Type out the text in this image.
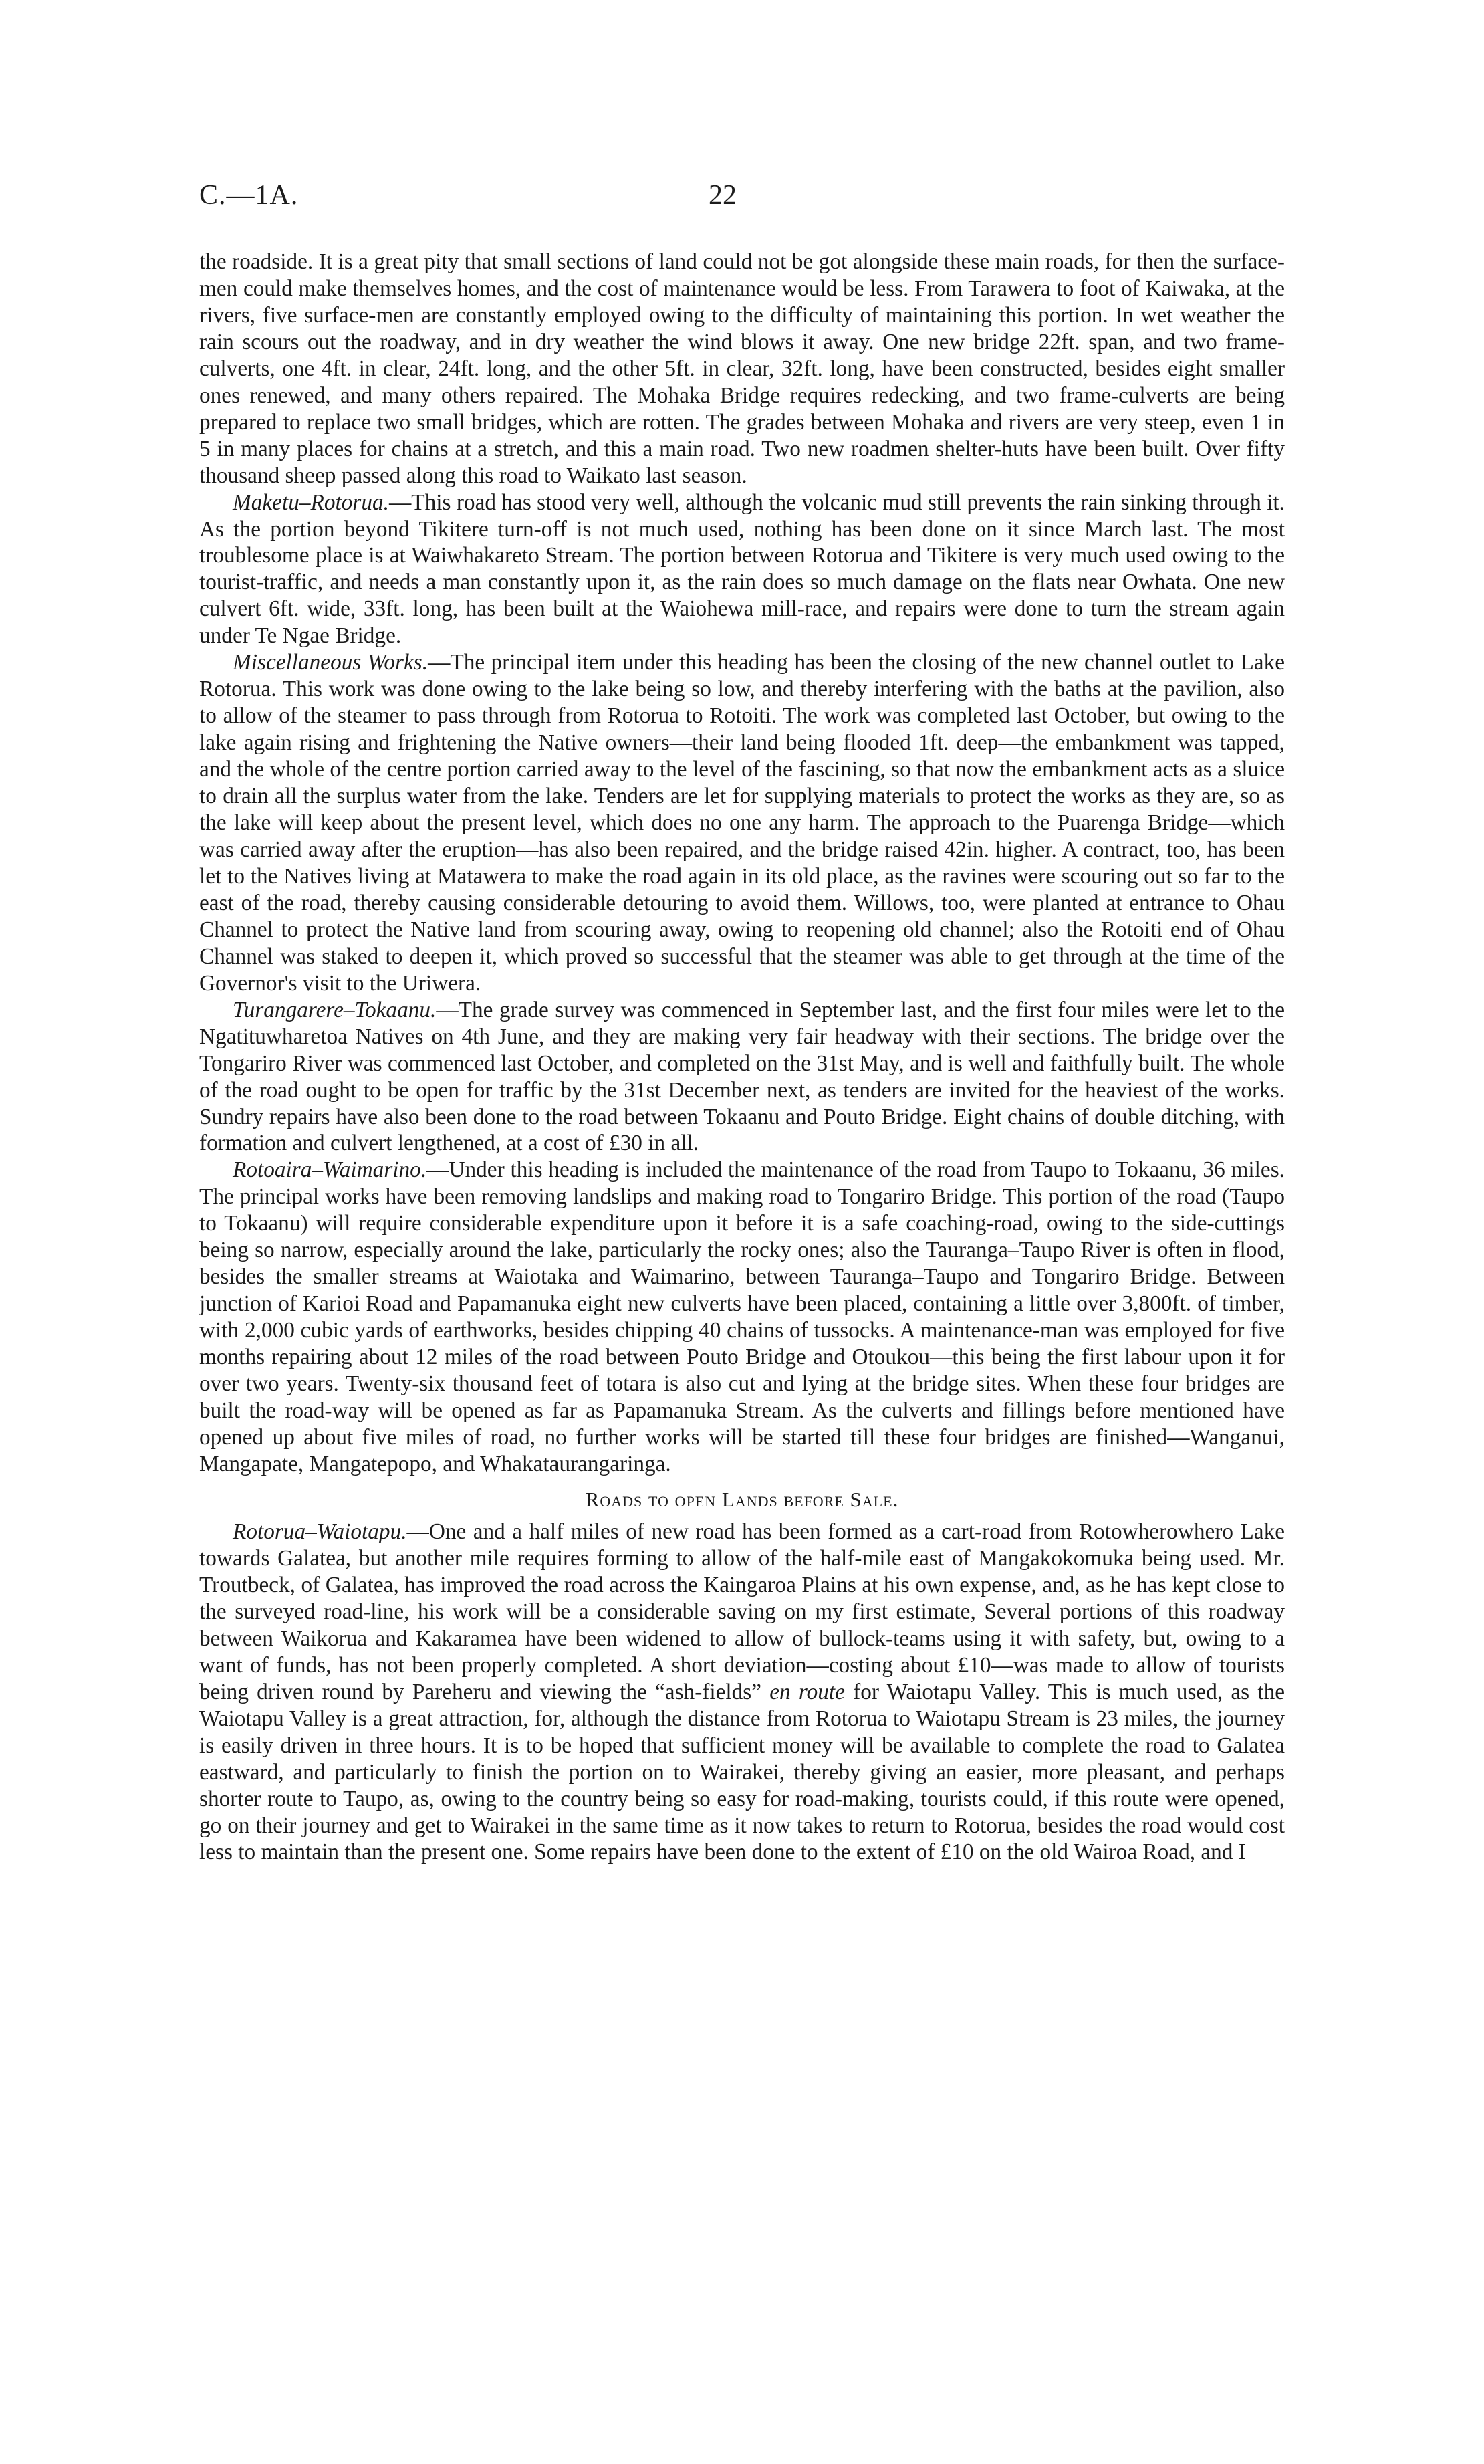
C.—1A.	22

the roadside. It is a great pity that small sections of land could not be got alongside these main roads, for then the surface-men could make themselves homes, and the cost of maintenance would be less. From Tarawera to foot of Kaiwaka, at the rivers, five surface-men are constantly employed owing to the difficulty of maintaining this portion. In wet weather the rain scours out the roadway, and in dry weather the wind blows it away. One new bridge 22ft. span, and two frame-culverts, one 4ft. in clear, 24ft. long, and the other 5ft. in clear, 32ft. long, have been constructed, besides eight smaller ones renewed, and many others repaired. The Mohaka Bridge requires redecking, and two frame-culverts are being prepared to replace two small bridges, which are rotten. The grades between Mohaka and rivers are very steep, even 1 in 5 in many places for chains at a stretch, and this a main road. Two new roadmen shelter-huts have been built. Over fifty thousand sheep passed along this road to Waikato last season.

Maketu–Rotorua.—This road has stood very well, although the volcanic mud still prevents the rain sinking through it. As the portion beyond Tikitere turn-off is not much used, nothing has been done on it since March last. The most troublesome place is at Waiwhakareto Stream. The portion between Rotorua and Tikitere is very much used owing to the tourist-traffic, and needs a man constantly upon it, as the rain does so much damage on the flats near Owhata. One new culvert 6ft. wide, 33ft. long, has been built at the Waiohewa mill-race, and repairs were done to turn the stream again under Te Ngae Bridge.

Miscellaneous Works.—The principal item under this heading has been the closing of the new channel outlet to Lake Rotorua. This work was done owing to the lake being so low, and thereby interfering with the baths at the pavilion, also to allow of the steamer to pass through from Rotorua to Rotoiti. The work was completed last October, but owing to the lake again rising and frightening the Native owners—their land being flooded 1ft. deep—the embankment was tapped, and the whole of the centre portion carried away to the level of the fascining, so that now the embankment acts as a sluice to drain all the surplus water from the lake. Tenders are let for supplying materials to protect the works as they are, so as the lake will keep about the present level, which does no one any harm. The approach to the Puarenga Bridge—which was carried away after the eruption—has also been repaired, and the bridge raised 42in. higher. A contract, too, has been let to the Natives living at Matawera to make the road again in its old place, as the ravines were scouring out so far to the east of the road, thereby causing considerable detouring to avoid them. Willows, too, were planted at entrance to Ohau Channel to protect the Native land from scouring away, owing to reopening old channel; also the Rotoiti end of Ohau Channel was staked to deepen it, which proved so successful that the steamer was able to get through at the time of the Governor's visit to the Uriwera.

Turangarere–Tokaanu.—The grade survey was commenced in September last, and the first four miles were let to the Ngatituwharetoa Natives on 4th June, and they are making very fair headway with their sections. The bridge over the Tongariro River was commenced last October, and completed on the 31st May, and is well and faithfully built. The whole of the road ought to be open for traffic by the 31st December next, as tenders are invited for the heaviest of the works. Sundry repairs have also been done to the road between Tokaanu and Pouto Bridge. Eight chains of double ditching, with formation and culvert lengthened, at a cost of £30 in all.

Rotoaira–Waimarino.—Under this heading is included the maintenance of the road from Taupo to Tokaanu, 36 miles. The principal works have been removing landslips and making road to Tongariro Bridge. This portion of the road (Taupo to Tokaanu) will require considerable expenditure upon it before it is a safe coaching-road, owing to the side-cuttings being so narrow, especially around the lake, particularly the rocky ones; also the Tauranga–Taupo River is often in flood, besides the smaller streams at Waiotaka and Waimarino, between Tauranga–Taupo and Tongariro Bridge. Between junction of Karioi Road and Papamanuka eight new culverts have been placed, containing a little over 3,800ft. of timber, with 2,000 cubic yards of earthworks, besides chipping 40 chains of tussocks. A maintenance-man was employed for five months repairing about 12 miles of the road between Pouto Bridge and Otoukou—this being the first labour upon it for over two years. Twenty-six thousand feet of totara is also cut and lying at the bridge sites. When these four bridges are built the road-way will be opened as far as Papamanuka Stream. As the culverts and fillings before mentioned have opened up about five miles of road, no further works will be started till these four bridges are finished—Wanganui, Mangapate, Mangatepopo, and Whakataurangaringa.

Roads to open Lands before Sale.

Rotorua–Waiotapu.—One and a half miles of new road has been formed as a cart-road from Rotowherowhero Lake towards Galatea, but another mile requires forming to allow of the half-mile east of Mangakokomuka being used. Mr. Troutbeck, of Galatea, has improved the road across the Kaingaroa Plains at his own expense, and, as he has kept close to the surveyed road-line, his work will be a considerable saving on my first estimate, Several portions of this roadway between Waikorua and Kakaramea have been widened to allow of bullock-teams using it with safety, but, owing to a want of funds, has not been properly completed. A short deviation—costing about £10—was made to allow of tourists being driven round by Pareheru and viewing the “ash-fields” en route for Waiotapu Valley. This is much used, as the Waiotapu Valley is a great attraction, for, although the distance from Rotorua to Waiotapu Stream is 23 miles, the journey is easily driven in three hours. It is to be hoped that sufficient money will be available to complete the road to Galatea eastward, and particularly to finish the portion on to Wairakei, thereby giving an easier, more pleasant, and perhaps shorter route to Taupo, as, owing to the country being so easy for road-making, tourists could, if this route were opened, go on their journey and get to Wairakei in the same time as it now takes to return to Rotorua, besides the road would cost less to maintain than the present one. Some repairs have been done to the extent of £10 on the old Wairoa Road, and I
